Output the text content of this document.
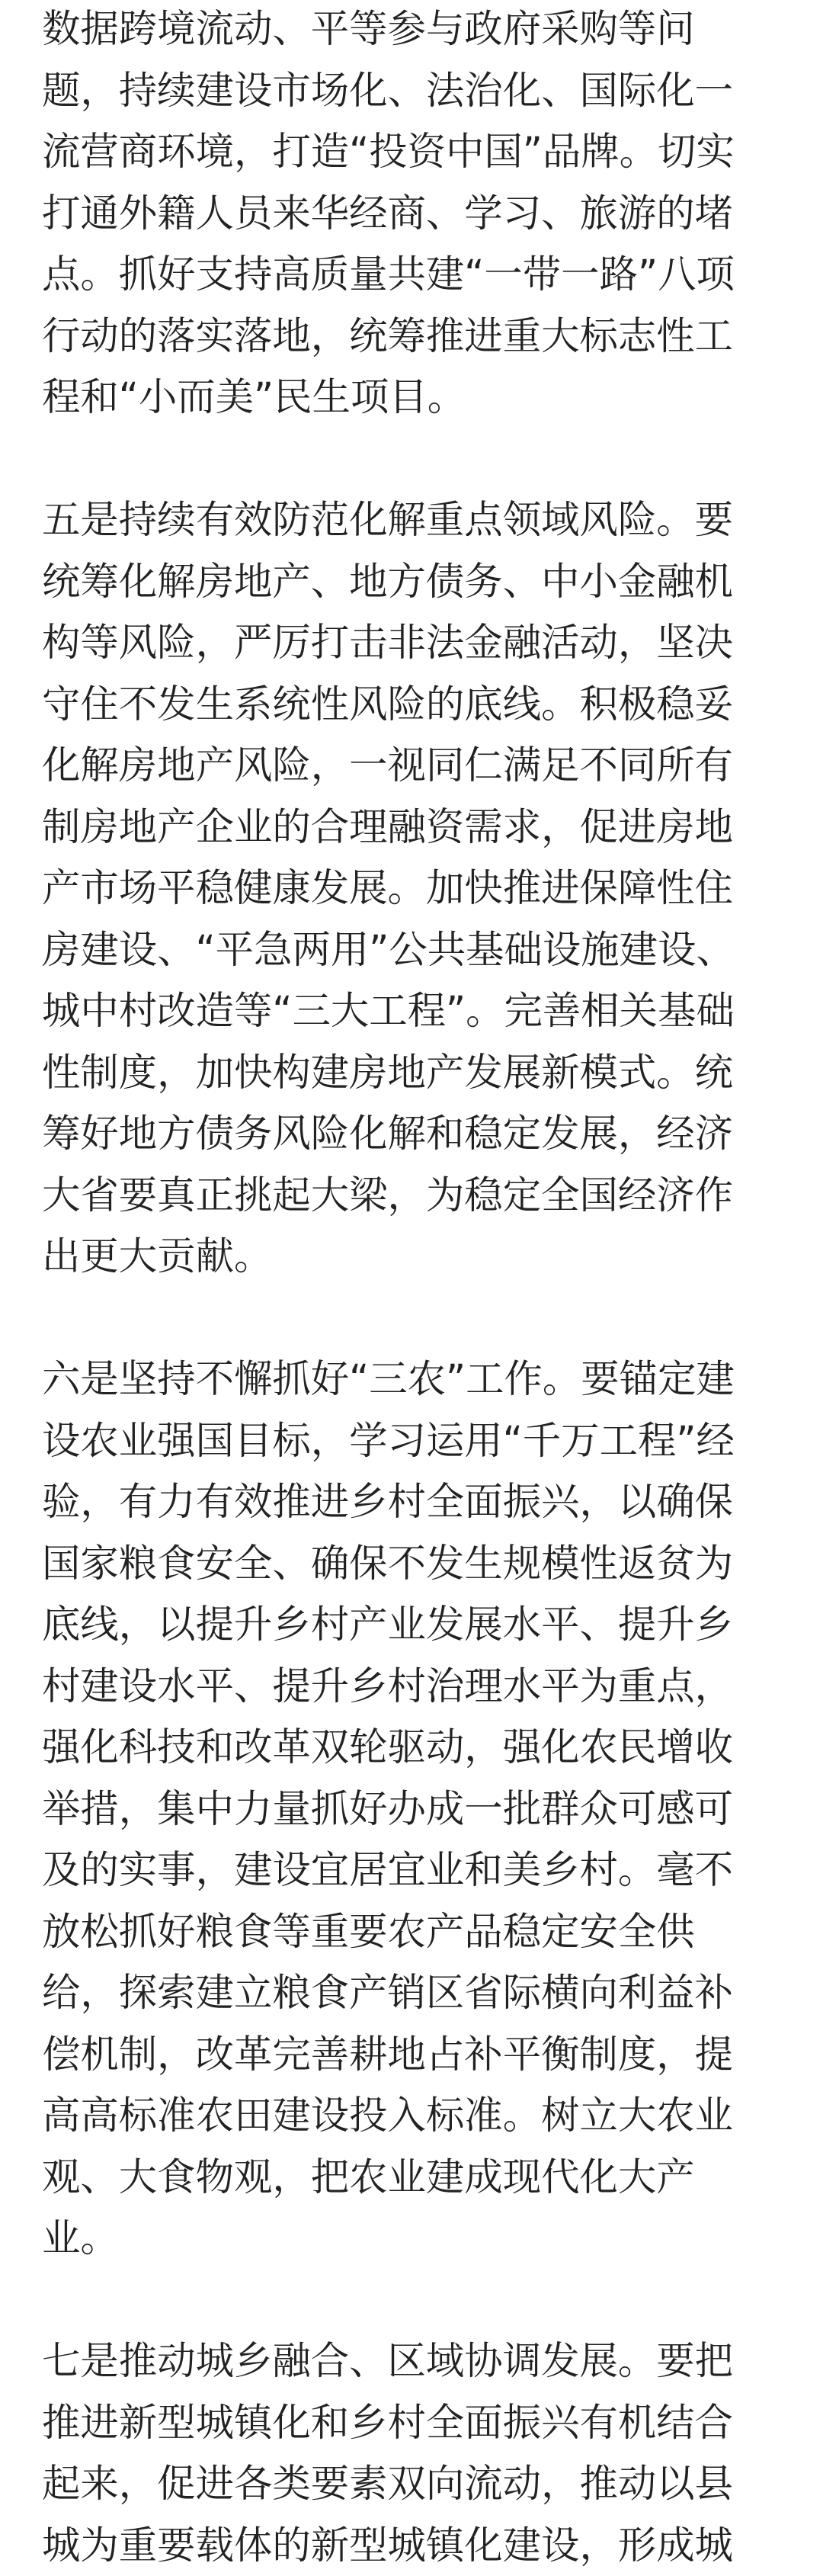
数据跨境流动、平等参与政府采购等问
题，持续建设市场化、法治化、国际化一
流营商环境，打造“投资中国”品牌。切实
打通外籍人员来华经商、学习、旅游的堵
点。抓好支持高质量共建“一带一路”八项
行动的落实落地，统筹推进重大标志性工
程和“小而美”民生项目。

五是持续有效防范化解重点领域风险。要
统筹化解房地产、地方债务、中小金融机
构等风险，严厉打击非法金融活动，坚决
守住不发生系统性风险的底线。积极稳妥
化解房地产风险，一视同仁满足不同所有
制房地产企业的合理融资需求，促进房地
产市场平稳健康发展。加快推进保障性住
房建设、“平急两用”公共基础设施建设、
城中村改造等“三大工程”。完善相关基础
性制度，加快构建房地产发展新模式。统
筹好地方债务风险化解和稳定发展，经济
大省要真正挑起大梁，为稳定全国经济作
出更大贡献。

六是坚持不懈抓好“三农”工作。要锚定建
设农业强国目标，学习运用“千万工程”经
验，有力有效推进乡村全面振兴，以确保
国家粮食安全、确保不发生规模性返贫为
底线，以提升乡村产业发展水平、提升乡
村建设水平、提升乡村治理水平为重点，
强化科技和改革双轮驱动，强化农民增收
举措，集中力量抓好办成一批群众可感可
及的实事，建设宜居宜业和美乡村。毫不
放松抓好粮食等重要农产品稳定安全供
给，探索建立粮食产销区省际横向利益补
偿机制，改革完善耕地占补平衡制度，提
高高标准农田建设投入标准。树立大农业
观、大食物观，把农业建成现代化大产
业。

七是推动城乡融合、区域协调发展。要把
推进新型城镇化和乡村全面振兴有机结合
起来，促进各类要素双向流动，推动以县
城为重要载体的新型城镇化建设，形成城
